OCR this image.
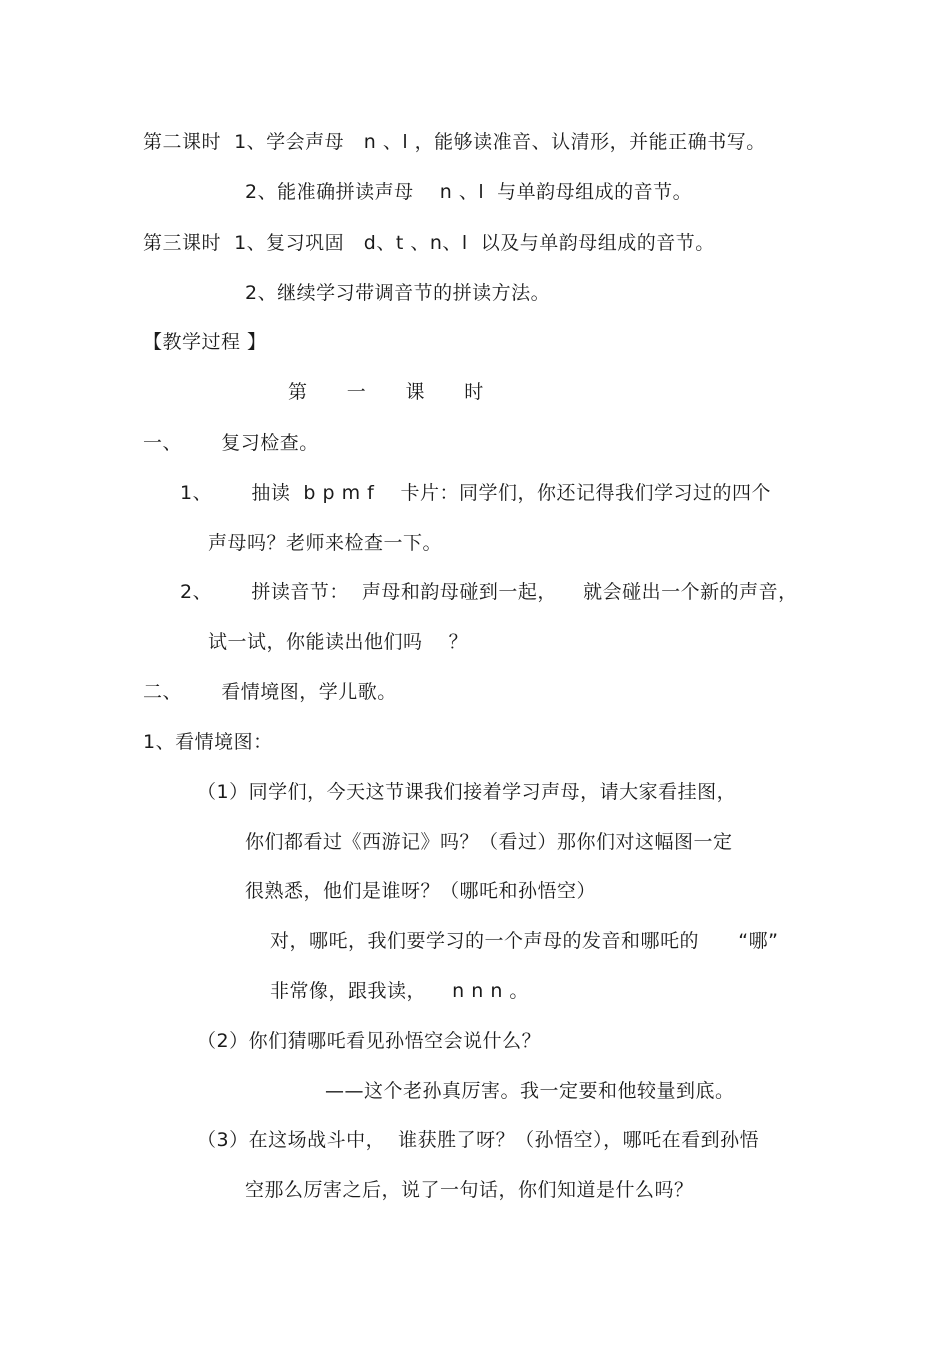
第二课时  1、学会声母   n 、l ，能够读准音、认清形，并能正确书写。
2、能准确拼读声母    n 、l  与单韵母组成的音节。
第三课时  1、复习巩固   d、t 、n、l  以及与单韵母组成的音节。
2、继续学习带调音节的拼读方法。
【教学过程 】
第      一      课      时
一、      复习检查。
1、      抽读  b p m f    卡片：同学们，你还记得我们学习过的四个
声母吗？老师来检查一下。
2、      拼读音节：  声母和韵母碰到一起，    就会碰出一个新的声音，
试一试，你能读出他们吗    ？
二、      看情境图，学儿歌。
1、看情境图：
（1）同学们，今天这节课我们接着学习声母，请大家看挂图，
你们都看过《西游记》吗？（看过）那你们对这幅图一定
很熟悉，他们是谁呀？（哪吒和孙悟空）
对，哪吒，我们要学习的一个声母的发音和哪吒的      “哪”
非常像，跟我读，    n n n 。
（2）你们猜哪吒看见孙悟空会说什么？
——这个老孙真厉害。我一定要和他较量到底。
（3）在这场战斗中，  谁获胜了呀？（孙悟空），哪吒在看到孙悟
空那么厉害之后，说了一句话，你们知道是什么吗？
